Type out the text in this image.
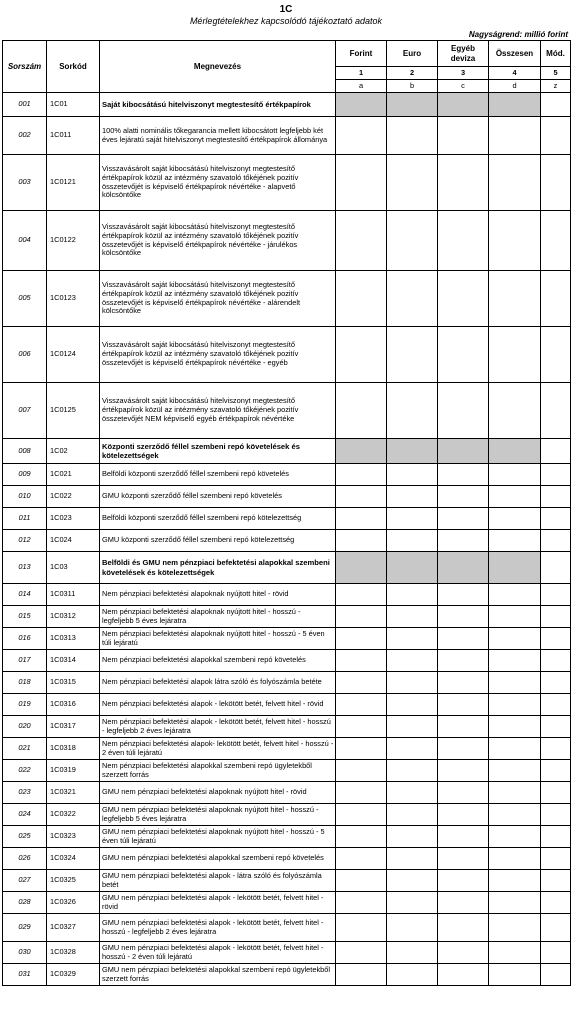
1C
Mérlegtételekhez kapcsolódó tájékoztató adatok
Nagyságrend: millió forint
Sorszám	Sorkód	Megnevezés	Forint	Euro	Egyéb deviza	Összesen	Mód.
			1	2	3	4	5
			a	b	c	d	z
001	1C01	Saját kibocsátású hitelviszonyt megtestesítő értékpapírok					
002	1C011	100% alatti nominális tőkegarancia mellett kibocsátott legfeljebb két éves lejáratú saját hitelviszonyt megtestesítő értékpapírok állománya					
003	1C0121	Visszavásárolt saját kibocsátású hitelviszonyt megtestesítő értékpapírok közül az intézmény szavatoló tőkéjének pozitív összetevőjét is képviselő értékpapírok névértéke - alapvető kölcsöntőke					
004	1C0122	Visszavásárolt saját kibocsátású hitelviszonyt megtestesítő értékpapírok közül az intézmény szavatoló tőkéjének pozitív összetevőjét is képviselő értékpapírok névértéke - járulékos kölcsöntőke					
005	1C0123	Visszavásárolt saját kibocsátású hitelviszonyt megtestesítő értékpapírok közül az intézmény szavatoló tőkéjének pozitív összetevőjét is képviselő értékpapírok névértéke - alárendelt kölcsöntőke					
006	1C0124	Visszavásárolt saját kibocsátású hitelviszonyt megtestesítő értékpapírok közül az intézmény szavatoló tőkéjének pozitív összetevőjét is képviselő értékpapírok névértéke - egyéb					
007	1C0125	Visszavásárolt saját kibocsátású hitelviszonyt megtestesítő értékpapírok közül az intézmény szavatoló tőkéjének pozitív összetevőjét NEM képviselő egyéb értékpapírok névértéke					
008	1C02	Központi szerződő féllel szembeni repó követelések és kötelezettségek					
009	1C021	Belföldi központi szerződő féllel szembeni repó követelés					
010	1C022	GMU központi szerződő féllel szembeni repó követelés					
011	1C023	Belföldi központi szerződő féllel szembeni repó kötelezettség					
012	1C024	GMU központi szerződő féllel szembeni repó kötelezettség					
013	1C03	Belföldi és GMU nem pénzpiaci befektetési alapokkal szembeni követelések és kötelezettségek					
014	1C0311	Nem pénzpiaci befektetési alapoknak nyújtott hitel - rövid					
015	1C0312	Nem pénzpiaci befektetési alapoknak nyújtott hitel - hosszú - legfeljebb 5 éves lejáratra					
016	1C0313	Nem pénzpiaci befektetési alapoknak nyújtott hitel - hosszú - 5 éven túli lejáratú					
017	1C0314	Nem pénzpiaci befektetési alapokkal szembeni repó követelés					
018	1C0315	Nem pénzpiaci befektetési alapok látra szóló és folyószámla betéte					
019	1C0316	Nem pénzpiaci befektetési alapok - lekötött betét, felvett hitel - rövid					
020	1C0317	Nem pénzpiaci befektetési alapok - lekötött betét, felvett hitel - hosszú - legfeljebb 2 éves lejáratra					
021	1C0318	Nem pénzpiaci befektetési alapok- lekötött betét, felvett hitel - hosszú - 2 éven túli lejáratú					
022	1C0319	Nem pénzpiaci befektetési alapokkal szembeni repó ügyletekből szerzett forrás					
023	1C0321	GMU nem pénzpiaci befektetési alapoknak nyújtott hitel - rövid					
024	1C0322	GMU nem pénzpiaci befektetési alapoknak nyújtott hitel - hosszú - legfeljebb 5 éves lejáratra					
025	1C0323	GMU nem pénzpiaci befektetési alapoknak nyújtott hitel - hosszú - 5 éven túli lejáratú					
026	1C0324	GMU nem pénzpiaci befektetési alapokkal szembeni repó követelés					
027	1C0325	GMU nem pénzpiaci befektetési alapok - látra szóló és folyószámla betét					
028	1C0326	GMU nem pénzpiaci befektetési alapok - lekötött betét, felvett hitel - rövid					
029	1C0327	GMU nem pénzpiaci befektetési alapok - lekötött betét, felvett hitel - hosszú - legfeljebb 2 éves lejáratra					
030	1C0328	GMU nem pénzpiaci befektetési alapok - lekötött betét, felvett hitel - hosszú - 2 éven túli lejáratú					
031	1C0329	GMU nem pénzpiaci befektetési alapokkal szembeni repó ügyletekből szerzett forrás					
